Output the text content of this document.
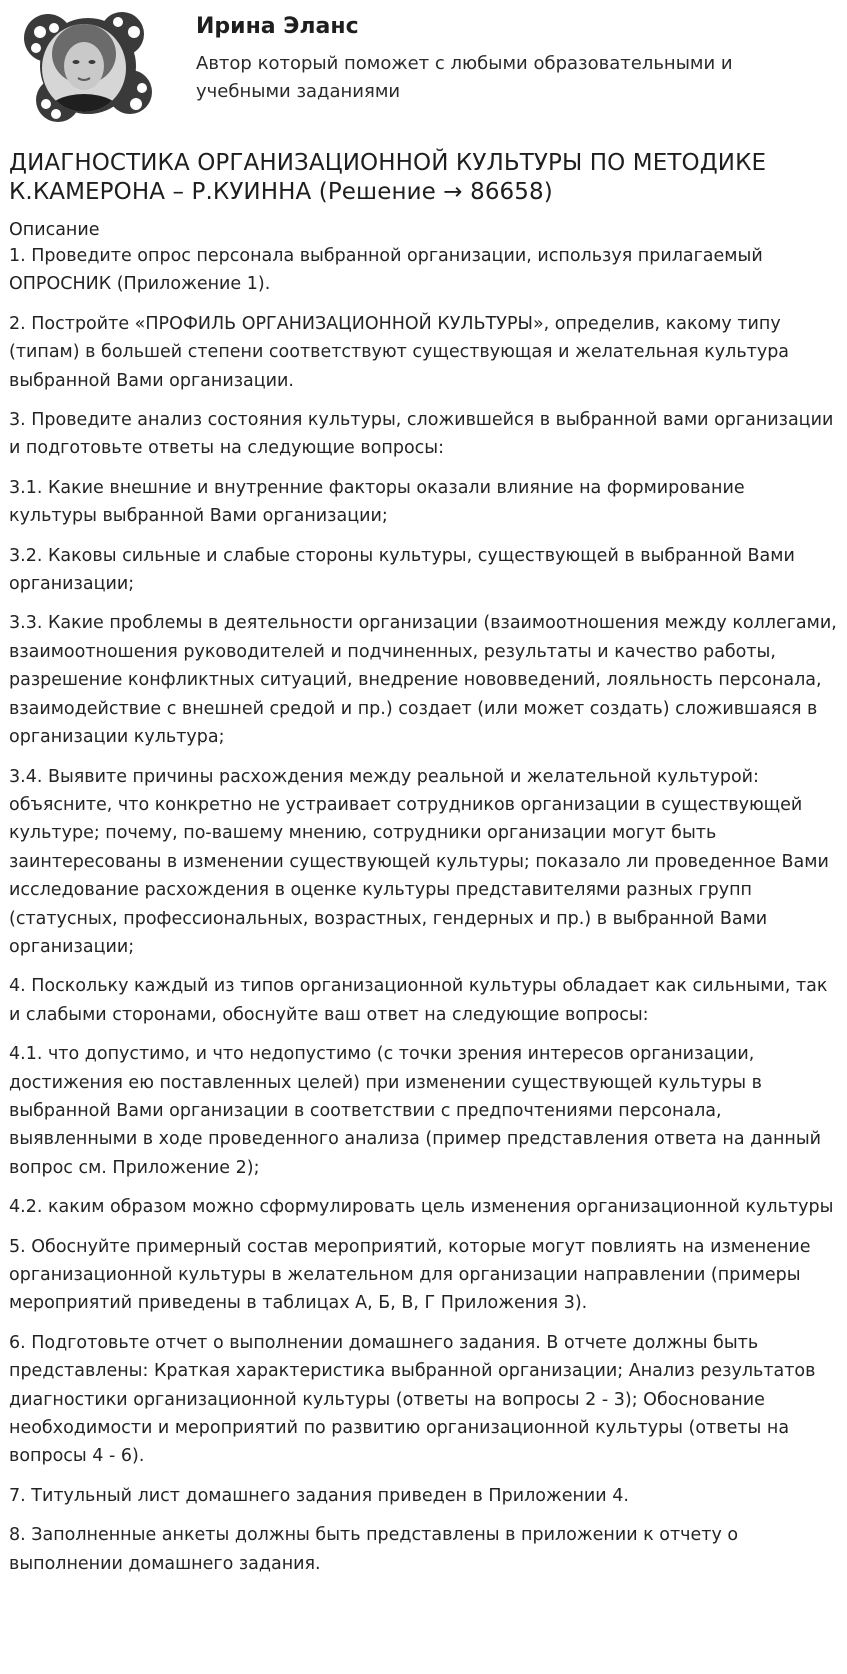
Ирина Эланс
Автор который поможет с любыми образовательными и учебными заданиями
ДИАГНОСТИКА ОРГАНИЗАЦИОННОЙ КУЛЬТУРЫ ПО МЕТОДИКЕ К.КАМЕРОНА – Р.КУИННА (Решение → 86658)
Описание

1. Проведите опрос персонала выбранной организации, используя прилагаемый ОПРОСНИК (Приложение 1).

2. Постройте «ПРОФИЛЬ ОРГАНИЗАЦИОННОЙ КУЛЬТУРЫ», определив, какому типу (типам) в большей степени соответствуют существующая и желательная культура выбранной Вами организации.

3. Проведите анализ состояния культуры, сложившейся в выбранной вами организации и подготовьте ответы на следующие вопросы:

3.1. Какие внешние и внутренние факторы оказали влияние на формирование культуры выбранной Вами организации;

3.2. Каковы сильные и слабые стороны культуры, существующей в выбранной Вами организации;

3.3. Какие проблемы в деятельности организации (взаимоотношения между коллегами, взаимоотношения руководителей и подчиненных, результаты и качество работы, разрешение конфликтных ситуаций, внедрение нововведений, лояльность персонала, взаимодействие с внешней средой и пр.) создает (или может создать) сложившаяся в организации культура;

3.4. Выявите причины расхождения между реальной и желательной культурой: объясните, что конкретно не устраивает сотрудников организации в существующей культуре; почему, по-вашему мнению, сотрудники организации могут быть заинтересованы в изменении существующей культуры; показало ли проведенное Вами исследование расхождения в оценке культуры представителями разных групп (статусных, профессиональных, возрастных, гендерных и пр.) в выбранной Вами организации;

4. Поскольку каждый из типов организационной культуры обладает как сильными, так и слабыми сторонами, обоснуйте ваш ответ на следующие вопросы:

4.1. что допустимо, и что недопустимо (с точки зрения интересов организации, достижения ею поставленных целей) при изменении существующей культуры в выбранной Вами организации в соответствии с предпочтениями персонала, выявленными в ходе проведенного анализа (пример представления ответа на данный вопрос см. Приложение 2);

4.2. каким образом можно сформулировать цель изменения организационной культуры

5. Обоснуйте примерный состав мероприятий, которые могут повлиять на изменение организационной культуры в желательном для организации направлении (примеры мероприятий приведены в таблицах А, Б, В, Г Приложения 3).

6. Подготовьте отчет о выполнении домашнего задания. В отчете должны быть представлены: Краткая характеристика выбранной организации; Анализ результатов диагностики организационной культуры (ответы на вопросы 2 - 3); Обоснование необходимости и мероприятий по развитию организационной культуры (ответы на вопросы 4 - 6).

7. Титульный лист домашнего задания приведен в Приложении 4.

8. Заполненные анкеты должны быть представлены в приложении к отчету о выполнении домашнего задания.
